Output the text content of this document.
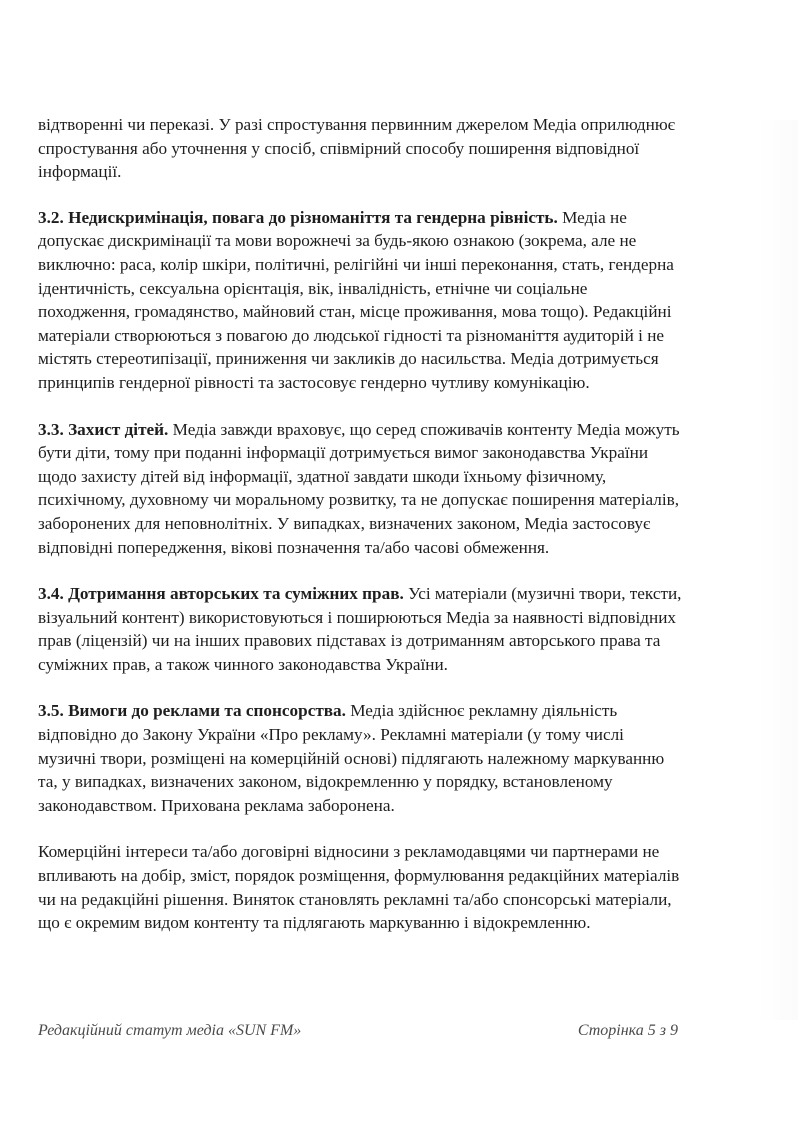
відтворенні чи переказі. У разі спростування первинним джерелом Медіа оприлюднює спростування або уточнення у спосіб, співмірний способу поширення відповідної інформації.

3.2. Недискримінація, повага до різноманіття та гендерна рівність. Медіа не допускає дискримінації та мови ворожнечі за будь-якою ознакою (зокрема, але не виключно: раса, колір шкіри, політичні, релігійні чи інші переконання, стать, гендерна ідентичність, сексуальна орієнтація, вік, інвалідність, етнічне чи соціальне походження, громадянство, майновий стан, місце проживання, мова тощо). Редакційні матеріали створюються з повагою до людської гідності та різноманіття аудиторій і не містять стереотипізації, приниження чи закликів до насильства. Медіа дотримується принципів гендерної рівності та застосовує гендерно чутливу комунікацію.

3.3. Захист дітей. Медіа завжди враховує, що серед споживачів контенту Медіа можуть бути діти, тому при поданні інформації дотримується вимог законодавства України щодо захисту дітей від інформації, здатної завдати шкоди їхньому фізичному, психічному, духовному чи моральному розвитку, та не допускає поширення матеріалів, заборонених для неповнолітніх. У випадках, визначених законом, Медіа застосовує відповідні попередження, вікові позначення та/або часові обмеження.

3.4. Дотримання авторських та суміжних прав. Усі матеріали (музичні твори, тексти, візуальний контент) використовуються і поширюються Медіа за наявності відповідних прав (ліцензій) чи на інших правових підставах із дотриманням авторського права та суміжних прав, а також чинного законодавства України.

3.5. Вимоги до реклами та спонсорства. Медіа здійснює рекламну діяльність відповідно до Закону України «Про рекламу». Рекламні матеріали (у тому числі музичні твори, розміщені на комерційній основі) підлягають належному маркуванню та, у випадках, визначених законом, відокремленню у порядку, встановленому законодавством. Прихована реклама заборонена.

Комерційні інтереси та/або договірні відносини з рекламодавцями чи партнерами не впливають на добір, зміст, порядок розміщення, формулювання редакційних матеріалів чи на редакційні рішення. Виняток становлять рекламні та/або спонсорські матеріали, що є окремим видом контенту та підлягають маркуванню і відокремленню.

Редакційний статут медіа «SUN FM»	Сторінка 5 з 9
